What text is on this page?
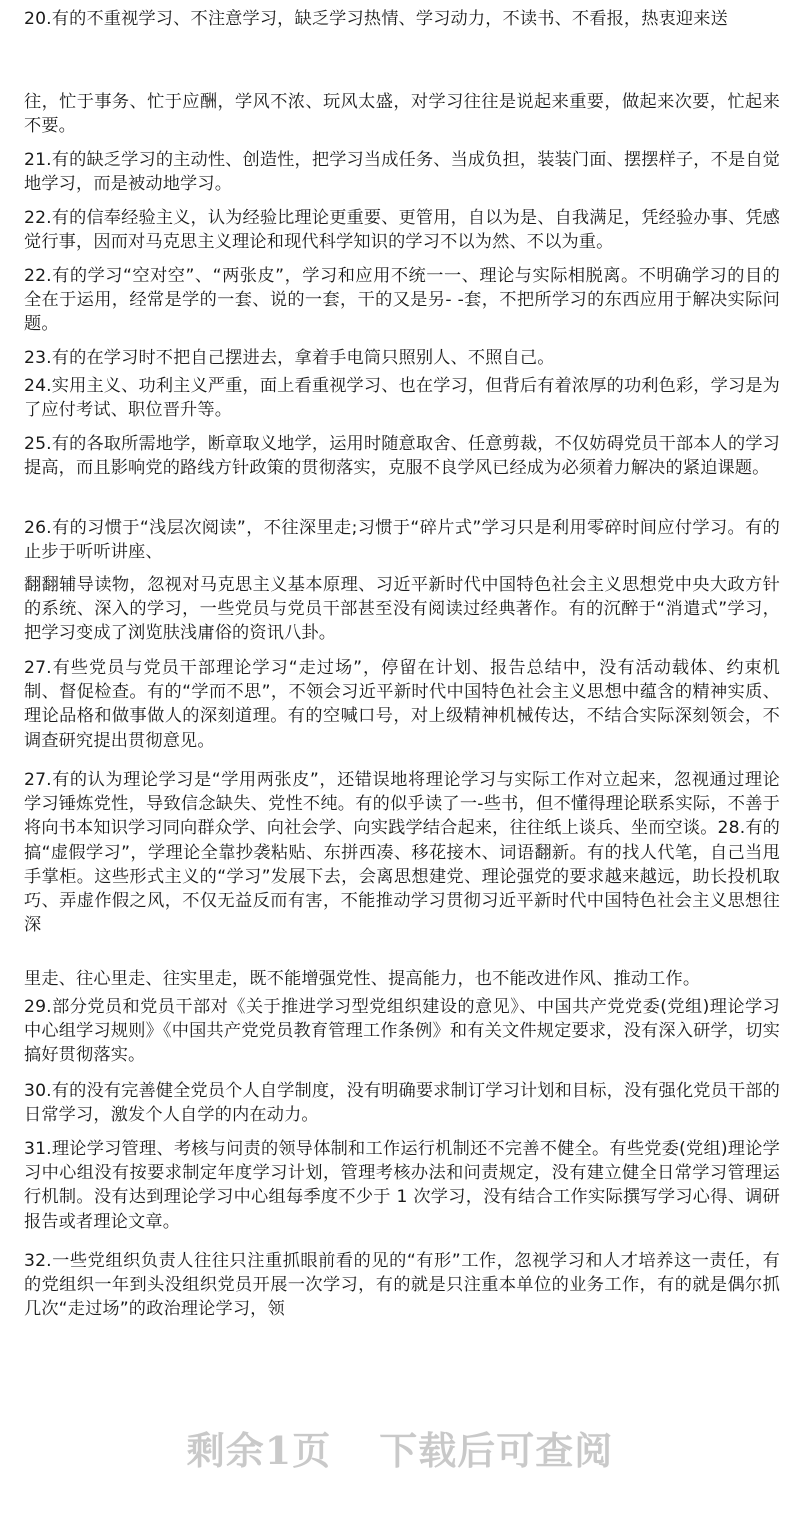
20.有的不重视学习、不注意学习，缺乏学习热情、学习动力，不读书、不看报，热衷迎来送

往，忙于事务、忙于应酬，学风不浓、玩风太盛，对学习往往是说起来重要，做起来次要，忙起来不要。

21.有的缺乏学习的主动性、创造性，把学习当成任务、当成负担，装装门面、摆摆样子，不是自觉地学习，而是被动地学习。

22.有的信奉经验主义，认为经验比理论更重要、更管用，自以为是、自我满足，凭经验办事、凭感觉行事，因而对马克思主义理论和现代科学知识的学习不以为然、不以为重。

22.有的学习“空对空”、“两张皮”，学习和应用不统一一、理论与实际相脱离。不明确学习的目的全在于运用，经常是学的一套、说的一套，干的又是另- -套，不把所学习的东西应用于解决实际问题。

23.有的在学习时不把自己摆进去，拿着手电筒只照别人、不照自己。

24.实用主义、功利主义严重，面上看重视学习、也在学习，但背后有着浓厚的功利色彩，学习是为了应付考试、职位晋升等。

25.有的各取所需地学，断章取义地学，运用时随意取舍、任意剪裁，不仅妨碍党员干部本人的学习提高，而且影响党的路线方针政策的贯彻落实，克服不良学风已经成为必须着力解决的紧迫课题。

26.有的习惯于“浅层次阅读”，不往深里走;习惯于“碎片式”学习只是利用零碎时间应付学习。有的止步于听听讲座、

翻翻辅导读物，忽视对马克思主义基本原理、习近平新时代中国特色社会主义思想党中央大政方针的系统、深入的学习，一些党员与党员干部甚至没有阅读过经典著作。有的沉醉于“消遣式”学习，把学习变成了浏览肤浅庸俗的资讯八卦。

27.有些党员与党员干部理论学习“走过场”，停留在计划、报告总结中，没有活动载体、约束机制、督促检查。有的“学而不思”，不领会习近平新时代中国特色社会主义思想中蕴含的精神实质、理论品格和做事做人的深刻道理。有的空喊口号，对上级精神机械传达，不结合实际深刻领会，不调查研究提出贯彻意见。

27.有的认为理论学习是“学用两张皮”，还错误地将理论学习与实际工作对立起来，忽视通过理论学习锤炼党性，导致信念缺失、党性不纯。有的似乎读了一-些书，但不懂得理论联系实际，不善于将向书本知识学习同向群众学、向社会学、向实践学结合起来，往往纸上谈兵、坐而空谈。28.有的搞“虚假学习”，学理论全靠抄袭粘贴、东拼西凑、移花接木、词语翻新。有的找人代笔，自己当甩手掌柜。这些形式主义的“学习”发展下去，会离思想建党、理论强党的要求越来越远，助长投机取巧、弄虚作假之风，不仅无益反而有害，不能推动学习贯彻习近平新时代中国特色社会主义思想往深

里走、往心里走、往实里走，既不能增强党性、提高能力，也不能改进作风、推动工作。

29.部分党员和党员干部对《关于推进学习型党组织建设的意见》、中国共产党党委(党组)理论学习中心组学习规则》《中国共产党党员教育管理工作条例》和有关文件规定要求，没有深入研学，切实搞好贯彻落实。

30.有的没有完善健全党员个人自学制度，没有明确要求制订学习计划和目标，没有强化党员干部的日常学习，激发个人自学的内在动力。

31.理论学习管理、考核与问责的领导体制和工作运行机制还不完善不健全。有些党委(党组)理论学习中心组没有按要求制定年度学习计划，管理考核办法和问责规定，没有建立健全日常学习管理运行机制。没有达到理论学习中心组每季度不少于 1 次学习，没有结合工作实际撰写学习心得、调研报告或者理论文章。

32.一些党组织负责人往往只注重抓眼前看的见的“有形”工作，忽视学习和人才培养这一责任，有的党组织一年到头没组织党员开展一次学习，有的就是只注重本单位的业务工作，有的就是偶尔抓几次“走过场”的政治理论学习，领

剩余1页 下载后可查阅
